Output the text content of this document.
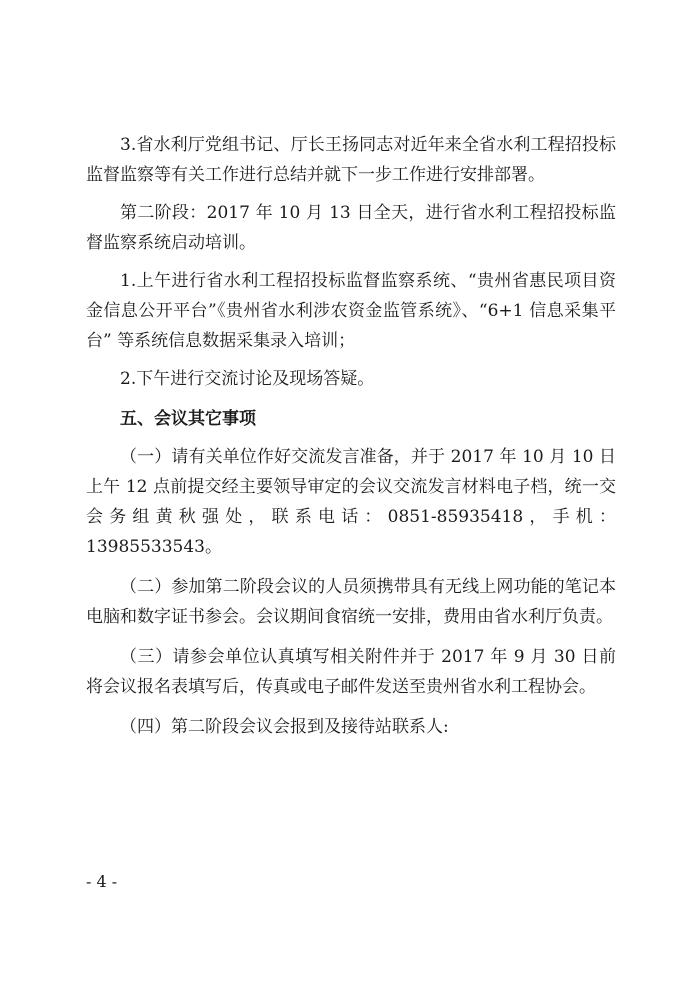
3.省水利厅党组书记、厅长王扬同志对近年来全省水利工程招投标监督监察等有关工作进行总结并就下一步工作进行安排部署。

第二阶段：2017 年 10 月 13 日全天，进行省水利工程招投标监督监察系统启动培训。

1.上午进行省水利工程招投标监督监察系统、“贵州省惠民项目资金信息公开平台”《贵州省水利涉农资金监管系统》、“6+1 信息采集平台” 等系统信息数据采集录入培训；

2.下午进行交流讨论及现场答疑。

五、会议其它事项

（一）请有关单位作好交流发言准备，并于 2017 年 10 月 10 日上午 12 点前提交经主要领导审定的会议交流发言材料电子档，统一交会务组黄秋强处，联系电话：0851-85935418，手机：13985533543。

（二）参加第二阶段会议的人员须携带具有无线上网功能的笔记本电脑和数字证书参会。会议期间食宿统一安排，费用由省水利厅负责。

（三）请参会单位认真填写相关附件并于 2017 年 9 月 30 日前将会议报名表填写后，传真或电子邮件发送至贵州省水利工程协会。

（四）第二阶段会议会报到及接待站联系人:

- 4 -
